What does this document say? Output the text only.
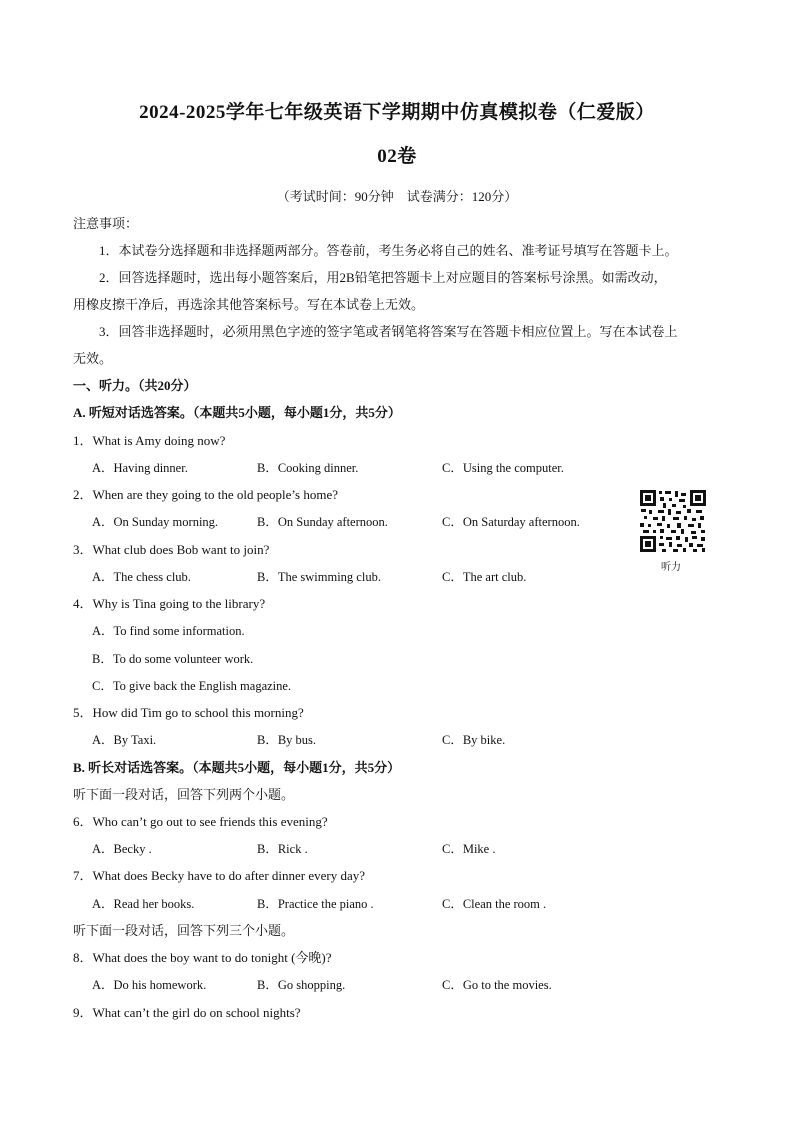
2024-2025学年七年级英语下学期期中仿真模拟卷（仁爱版）
02卷
（考试时间：90分钟　试卷满分：120分）
注意事项：
1．本试卷分选择题和非选择题两部分。答卷前，考生务必将自己的姓名、准考证号填写在答题卡上。
2．回答选择题时，选出每小题答案后，用2B铅笔把答题卡上对应题目的答案标号涂黑。如需改动，
用橡皮擦干净后，再选涂其他答案标号。写在本试卷上无效。
3．回答非选择题时，必须用黑色字迹的签字笔或者钢笔将答案写在答题卡相应位置上。写在本试卷上
无效。
一、听力。（共20分）
A. 听短对话选答案。（本题共5小题，每小题1分，共5分）
1．What is Amy doing now?
A．Having dinner.	B．Cooking dinner.	C．Using the computer.
2．When are they going to the old people’s home?
A．On Sunday morning.	B．On Sunday afternoon.	C．On Saturday afternoon.
3．What club does Bob want to join?
A．The chess club.	B．The swimming club.	C．The art club.
4．Why is Tina going to the library?
A．To find some information.
B．To do some volunteer work.
C．To give back the English magazine.
5．How did Tim go to school this morning?
A．By Taxi.	B．By bus.	C．By bike.
B. 听长对话选答案。（本题共5小题，每小题1分，共5分）
听下面一段对话，回答下列两个小题。
6．Who can’t go out to see friends this evening?
A．Becky .	B．Rick .	C．Mike .
7．What does Becky have to do after dinner every day?
A．Read her books.	B．Practice the piano .	C．Clean the room .
听下面一段对话，回答下列三个小题。
8．What does the boy want to do tonight (今晚)?
A．Do his homework.	B．Go shopping.	C．Go to the movies.
9．What can’t the girl do on school nights?
听力
